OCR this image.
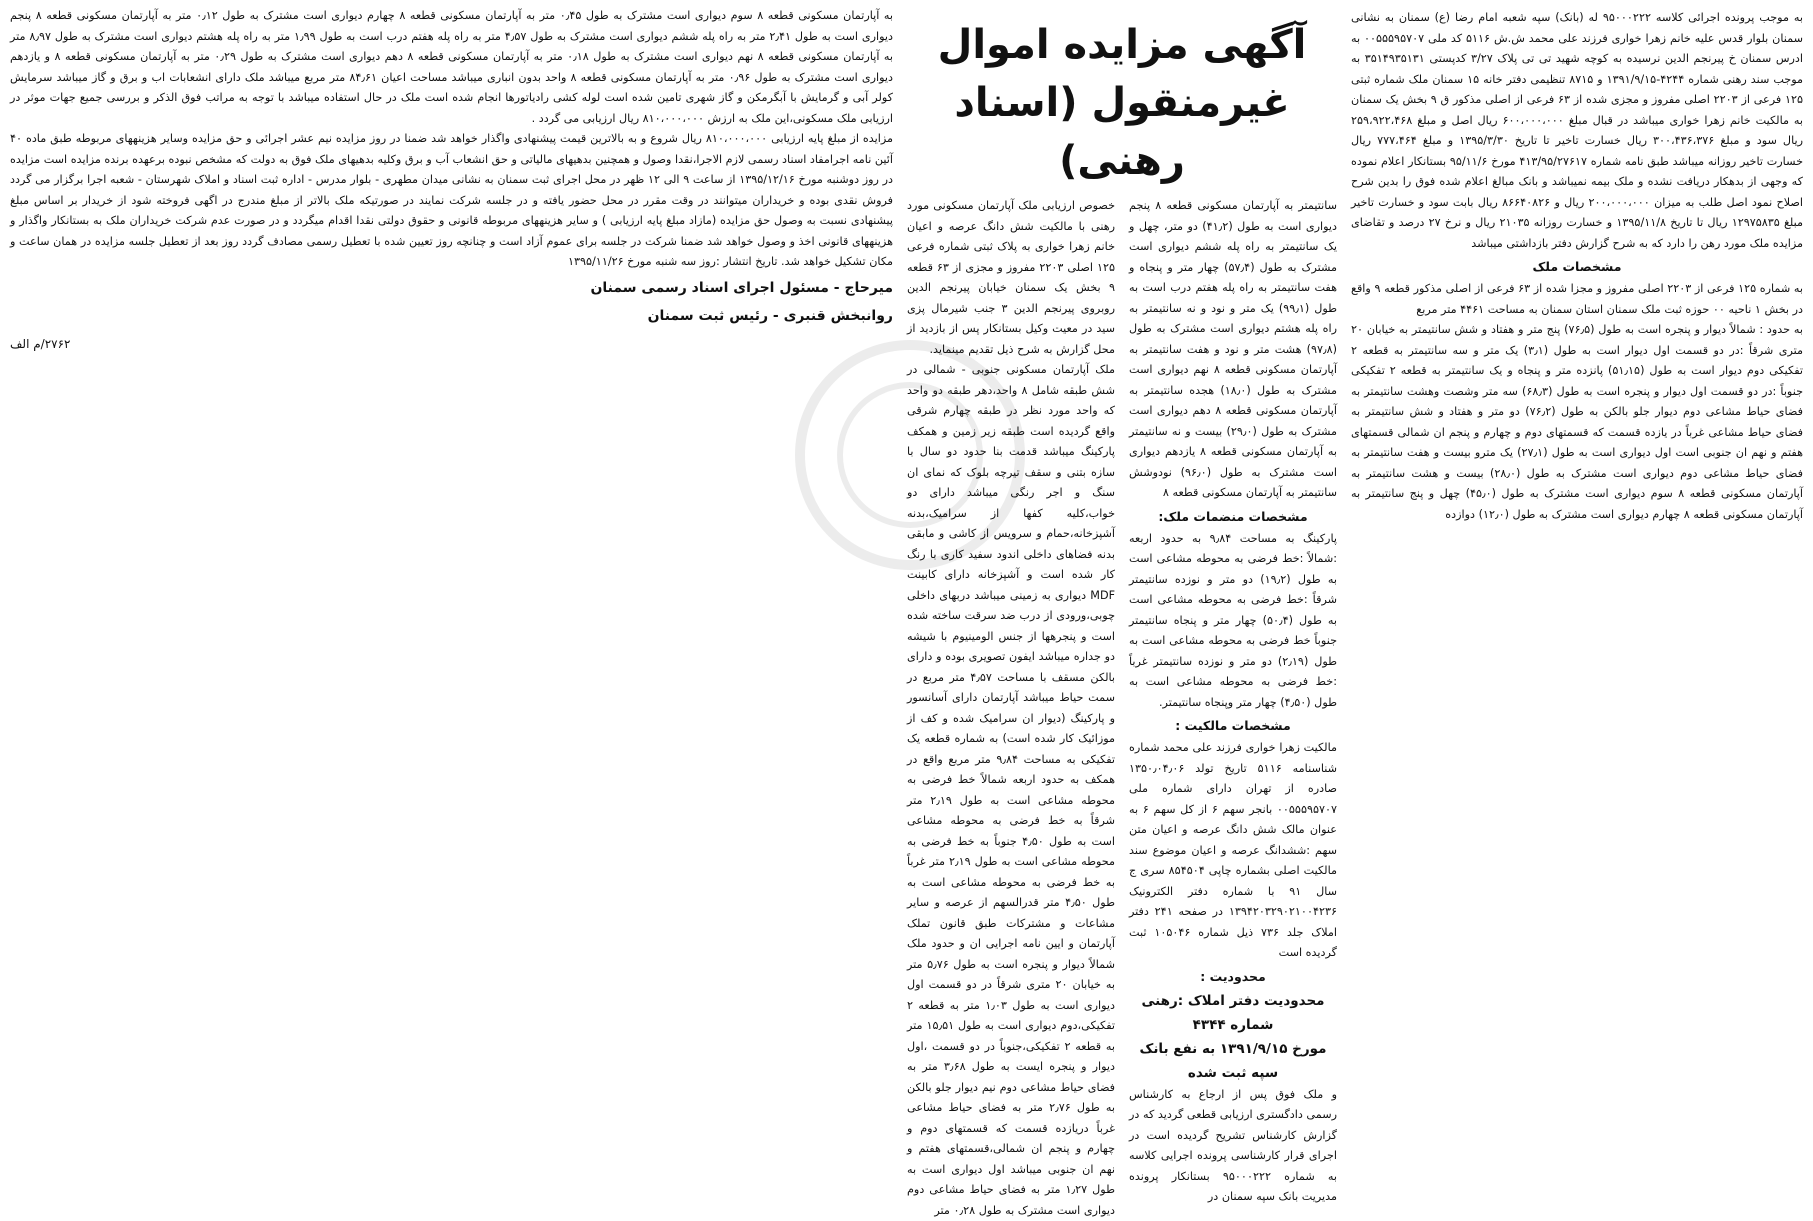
به موجب پرونده اجرائی کلاسه ۹۵۰۰۰۲۲۲ له (بانک) سپه شعبه امام رضا (ع) سمنان به نشانی سمنان بلوار قدس علیه خانم زهرا خواری فرزند علی محمد ش.ش ۵۱۱۶ کد ملی ۰۰۵۵۵۹۵۷۰۷ به ادرس سمنان خ پیرنجم الدین نرسیده به کوچه شهید تی تی پلاک ۳/۲۷ کدپستی ۳۵۱۴۹۳۵۱۳۱ به موجب سند رهنی شماره ۴۲۴۴-۱۳۹۱/۹/۱۵ و ۸۷۱۵ تنظیمی دفتر خانه ۱۵ سمنان ملک شماره ثبتی ۱۲۵ فرعی از ۲۲۰۳ اصلی مفروز و مجزی شده از ۶۳ فرعی از اصلی مذکور ق ۹ بخش یک سمنان به مالکیت خانم زهرا خواری میباشد در قبال مبلغ ۶۰۰،۰۰۰،۰۰۰ ریال اصل و مبلغ ۲۵۹،۹۲۲،۴۶۸ ریال سود و مبلغ ۳۰۰،۴۳۶،۳۷۶ ریال خسارت تاخیر تا تاریخ ۱۳۹۵/۳/۳۰ و مبلغ ۷۷۷،۴۶۴ ریال خسارت تاخیر روزانه میباشد طبق نامه شماره ۴۱۳/۹۵/۲۷۶۱۷ مورخ ۹۵/۱۱/۶ بستانکار اعلام نموده که وجهی از بدهکار دریافت نشده و ملک بیمه نمیباشد و بانک مبالغ اعلام شده فوق را بدین شرح اصلاح نمود اصل طلب به میزان ۲۰۰،۰۰۰،۰۰۰ ریال و ۸۶۶۴۰۸۲۶ ریال بابت سود و خسارت تاخیر مبلغ ۱۲۹۷۵۸۳۵ ریال تا تاریخ ۱۳۹۵/۱۱/۸ و خسارت روزانه ۲۱۰۳۵ ریال و نرخ ۲۷ درصد و تقاضای مزایده ملک مورد رهن را دارد که به شرح گزارش دفتر بازداشتی میباشد

مشخصات ملک

به شماره ۱۲۵ فرعی از ۲۲۰۳ اصلی مفروز و مجزا شده از ۶۳ فرعی از اصلی مذکور قطعه ۹ واقع در بخش ۱ ناحیه ۰۰ حوزه ثبت ملک سمنان استان سمنان به مساحت ۴۴۶۱ متر مربع

به حدود : شمالاً دیوار و پنجره است به طول (۷۶٫۵) پنج متر و هفتاد و شش سانتیمتر به خیابان ۲۰ متری شرقاً :در دو قسمت اول دیوار است به طول (۳٫۱) یک متر و سه سانتیمتر به قطعه ۲ تفکیکی دوم دیوار است به طول (۵۱٫۱۵) پانزده متر و پنجاه و یک سانتیمتر به قطعه ۲ تفکیکی جنوباً :در دو قسمت اول دیوار و پنجره است به طول (۶۸٫۳) سه متر وشصت وهشت سانتیمتر به فضای حیاط مشاعی دوم دیوار جلو بالکن به طول (۷۶٫۲) دو متر و هفتاد و شش سانتیمتر به فضای حیاط مشاعی غرباً در یازده قسمت که قسمتهای دوم و چهارم و پنجم ان شمالی قسمتهای هفتم و نهم ان جنوبی است اول دیواری است به طول (۲۷٫۱) یک مترو بیست و هفت سانتیمتر به فضای حیاط مشاعی دوم دیواری است مشترک به طول (۲۸٫۰) بیست و هشت سانتیمتر به آپارتمان مسکونی قطعه ۸ سوم دیواری است مشترک به طول (۴۵٫۰) چهل و پنج سانتیمتر به آپارتمان مسکونی قطعه ۸ چهارم دیواری است مشترک به طول (۱۲٫۰) دوازده

آگهی مزایده اموال غیرمنقول (اسناد رهنی)

سانتیمتر به آپارتمان مسکونی قطعه ۸ پنجم دیواری است به طول (۴۱٫۲) دو متر، چهل و یک سانتیمتر به راه پله ششم دیواری است مشترک به طول (۵۷٫۴) چهار متر و پنجاه و هفت سانتیمتر به راه پله هفتم درب است به طول (۹۹٫۱) یک متر و نود و نه سانتیمتر به راه پله هشتم دیواری است مشترک به طول (۹۷٫۸) هشت متر و نود و هفت سانتیمتر به آپارتمان مسکونی قطعه ۸ نهم دیواری است مشترک به طول (۱۸٫۰) هجده سانتیمتر به آپارتمان مسکونی قطعه ۸ دهم دیواری است مشترک به طول (۲۹٫۰) بیست و نه سانتیمتر به آپارتمان مسکونی قطعه ۸ یازدهم دیواری است مشترک به طول (۹۶٫۰) نودوشش سانتیمتر به آپارتمان مسکونی قطعه ۸

مشخصات منضمات ملک:

پارکینگ به مساحت ۹٫۸۴ به حدود اربعه :شمالاً :خط فرضی به محوطه مشاعی است به طول (۱۹٫۲) دو متر و نوزده سانتیمتر شرقاً :خط فرضی به محوطه مشاعی است به طول (۵۰٫۴) چهار متر و پنجاه سانتیمتر جنوباً خط فرضی به محوطه مشاعی است به طول (۲٫۱۹) دو متر و نوزده سانتیمتر غرباً :خط فرضی به محوطه مشاعی است به طول (۴٫۵۰) چهار متر وپنجاه سانتیمتر.

مشخصات مالکیت :

مالکیت زهرا خواری فرزند علی محمد شماره شناسنامه ۵۱۱۶ تاریخ تولد ۱۳۵۰٫۰۴٫۰۶ صادره از تهران دارای شماره ملی ۰۰۵۵۵۹۵۷۰۷ بانجر سهم ۶ از کل سهم ۶ به عنوان مالک شش دانگ عرصه و اعیان متن سهم :ششدانگ عرصه و اعیان موضوع سند مالکیت اصلی بشماره چاپی ۸۵۴۵۰۴ سری ج سال ۹۱ با شماره دفتر الکترونیک ۱۳۹۴۲۰۳۲۹۰۲۱۰۰۴۲۳۶ در صفحه ۲۴۱ دفتر املاک جلد ۷۳۶ ذیل شماره ۱۰۵۰۴۶ ثبت گردیده است

محدودیت :

محدودیت دفتر املاک :رهنی شماره ۴۳۴۴

مورخ ۱۳۹۱/۹/۱۵ به نفع بانک سپه ثبت شده

و ملک فوق پس از ارجاع به کارشناس رسمی دادگستری ارزیابی قطعی گردید که در گزارش کارشناس تشریح گردیده است در اجرای قرار کارشناسی پرونده اجرایی کلاسه به شماره ۹۵۰۰۰۲۲۲ بستانکار پرونده مدیریت بانک سپه سمنان در

خصوص ارزیابی ملک آپارتمان مسکونی مورد رهنی با مالکیت شش دانگ عرصه و اعیان خانم زهرا خواری به پلاک ثبتی شماره فرعی ۱۲۵ اصلی ۲۲۰۳ مفروز و مجزی از ۶۳ قطعه ۹ بخش یک سمنان خیابان پیرنجم الدین روبروی پیرنجم الدین ۳ جنب شیرمال پزی سید در معیت وکیل بستانکار پس از بازدید از محل گزارش به شرح ذیل تقدیم مینماید.

ملک آپارتمان مسکونی جنوبی - شمالی در شش طبقه شامل ۸ واحد،دهر طبقه دو واحد که واحد مورد نظر در طبقه چهارم شرقی واقع گردیده است طبقه زیر زمین و همکف پارکینگ میباشد قدمت بنا حدود دو سال با سازه بتنی و سقف تیرچه بلوک که نمای ان سنگ و اجر رنگی میباشد دارای دو خواب،کلیه کفها از سرامیک،بدنه آشپزخانه،حمام و سرویس از کاشی و مابقی بدنه فضاهای داخلی اندود سفید کاری با رنگ کار شده است و آشپزخانه دارای کابینت MDF دیواری به زمینی میباشد دربهای داخلی چوبی،ورودی از درب ضد سرقت ساخته شده است و پنجرهها از جنس الومینیوم با شیشه دو جداره میباشد ایفون تصویری بوده و دارای بالکن مسقف با مساحت ۴٫۵۷ متر مربع در سمت حیاط میباشد آپارتمان دارای آسانسور و پارکینگ (دیوار ان سرامیک شده و کف از موزائیک کار شده است) به شماره قطعه یک تفکیکی به مساحت ۹٫۸۴ متر مربع واقع در همکف به حدود اربعه شمالاً خط فرضی به محوطه مشاعی است به طول ۲٫۱۹ متر شرقاً به خط فرضی به محوطه مشاعی است به طول ۴٫۵۰ جنوباً به خط فرضی به محوطه مشاعی است به طول ۲٫۱۹ متر غرباً به خط فرضی به محوطه مشاعی است به طول ۴٫۵۰ متر قدرالسهم از عرصه و سایر مشاعات و مشترکات طبق قانون تملک آپارتمان و ایین نامه اجرایی ان و حدود ملک شمالاً دیوار و پنجره است به طول ۵٫۷۶ متر به خیابان ۲۰ متری شرقاً در دو قسمت اول دیواری است به طول ۱٫۰۳ متر به قطعه ۲ تفکیکی،دوم دیواری است به طول ۱۵٫۵۱ متر به قطعه ۲ تفکیکی،جنوباً در دو قسمت ،اول دیوار و پنجره ایست به طول ۳٫۶۸ متر به فضای حیاط مشاعی دوم نیم دیوار جلو بالکن به طول ۲٫۷۶ متر به فضای حیاط مشاعی غرباً دریازده قسمت که قسمتهای دوم و چهارم و پنجم ان شمالی،قسمتهای هفتم و نهم ان جنوبی میباشد اول دیواری است به طول ۱٫۲۷ متر به فضای حیاط مشاعی دوم دیواری است مشترک به طول ۰٫۲۸ متر

به آپارتمان مسکونی قطعه ۸ سوم دیواری است مشترک به طول ۰٫۴۵ متر به آپارتمان مسکونی قطعه ۸ چهارم دیواری است مشترک به طول ۰٫۱۲ متر به آپارتمان مسکونی قطعه ۸ پنجم دیواری است به طول ۲٫۴۱ متر به راه پله ششم دیواری است مشترک به طول ۴٫۵۷ متر به راه پله هفتم درب است به طول ۱٫۹۹ متر به راه پله هشتم دیواری است مشترک به طول ۸٫۹۷ متر به آپارتمان مسکونی قطعه ۸ نهم دیواری است مشترک به طول ۰٫۱۸ متر به آپارتمان مسکونی قطعه ۸ دهم دیواری است مشترک به طول ۰٫۲۹ متر به آپارتمان مسکونی قطعه ۸ و یازدهم دیواری است مشترک به طول ۰٫۹۶ متر به آپارتمان مسکونی قطعه ۸ واحد بدون انباری میباشد مساحت اعیان ۸۴٫۶۱ متر مربع میباشد ملک دارای انشعابات اب و برق و گاز میباشد سرمایش کولر آبی و گرمایش با آبگرمکن و گاز شهری تامین شده است لوله کشی رادیاتورها انجام شده است ملک در حال استفاده میباشد با توجه به مراتب فوق الذکر و بررسی جمیع جهات موثر در ارزیابی ملک مسکونی،این ملک به ارزش ۸۱۰،۰۰۰،۰۰۰ ریال ارزیابی می گردد .

مزایده از مبلغ پایه ارزیابی ۸۱۰،۰۰۰،۰۰۰ ریال شروع و به بالاترین قیمت پیشنهادی واگذار خواهد شد ضمنا در روز مزایده نیم عشر اجرائی و حق مزایده وسایر هزینههای مربوطه طبق ماده ۴۰ آئین نامه اجرامفاد اسناد رسمی لازم الاجرا،نقدا وصول و همچنین بدهیهای مالیاتی و حق انشعاب آب و برق وکلیه بدهیهای ملک فوق به دولت که مشخص نبوده برعهده برنده مزایده است مزایده در روز دوشنبه مورخ ۱۳۹۵/۱۲/۱۶ از ساعت ۹ الی ۱۲ ظهر در محل اجرای ثبت سمنان به نشانی میدان مطهری - بلوار مدرس - اداره ثبت اسناد و املاک شهرستان - شعبه اجرا برگزار می گردد فروش نقدی بوده و خریداران میتوانند در وقت مقرر در محل حضور یافته و در جلسه شرکت نمایند در صورتیکه ملک بالاتر از مبلغ مندرج در اگهی فروخته شود از خریدار بر اساس مبلغ پیشنهادی نسبت به وصول حق مزایده (مازاد مبلغ پایه ارزیابی ) و سایر هزینههای مربوطه قانونی و حقوق دولتی نقدا اقدام میگردد و در صورت عدم شرکت خریداران ملک به بستانکار واگذار و هزینههای قانونی اخذ و وصول خواهد شد ضمنا شرکت در جلسه برای عموم آزاد است و چنانچه روز تعیین شده با تعطیل رسمی مصادف گردد روز بعد از تعطیل جلسه مزایده در همان ساعت و مکان تشکیل خواهد شد. تاریخ انتشار :روز سه شنبه مورخ ۱۳۹۵/۱۱/۲۶

میرحاج - مسئول اجرای اسناد رسمی سمنان
روانبخش قنبری - رئیس ثبت سمنان
۲۷۶۲/م الف
